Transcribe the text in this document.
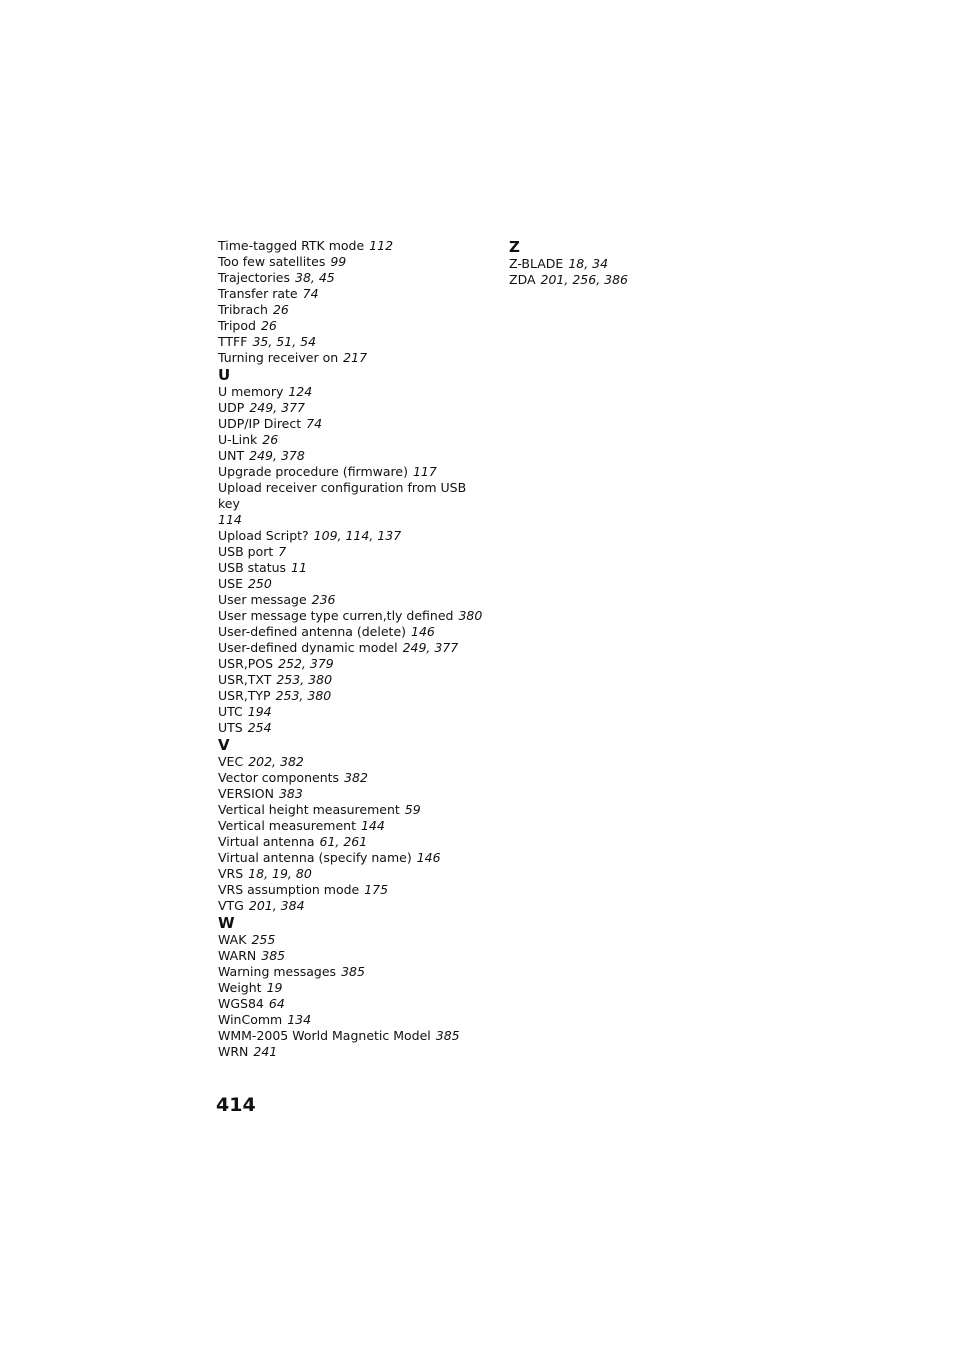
Time-tagged RTK mode 112
Too few satellites 99
Trajectories 38, 45
Transfer rate 74
Tribrach 26
Tripod 26
TTFF 35, 51, 54
Turning receiver on 217
U
U memory 124
UDP 249, 377
UDP/IP Direct 74
U-Link 26
UNT 249, 378
Upgrade procedure (firmware) 117
Upload receiver configuration from USB key
114
Upload Script? 109, 114, 137
USB port 7
USB status 11
USE 250
User message 236
User message type curren,tly defined 380
User-defined antenna (delete) 146
User-defined dynamic model 249, 377
USR,POS 252, 379
USR,TXT 253, 380
USR,TYP 253, 380
UTC 194
UTS 254
V
VEC 202, 382
Vector components 382
VERSION 383
Vertical height measurement 59
Vertical measurement 144
Virtual antenna 61, 261
Virtual antenna (specify name) 146
VRS 18, 19, 80
VRS assumption mode 175
VTG 201, 384
W
WAK 255
WARN 385
Warning messages 385
Weight 19
WGS84 64
WinComm 134
WMM-2005 World Magnetic Model 385
WRN 241
Z
Z-BLADE 18, 34
ZDA 201, 256, 386
414
